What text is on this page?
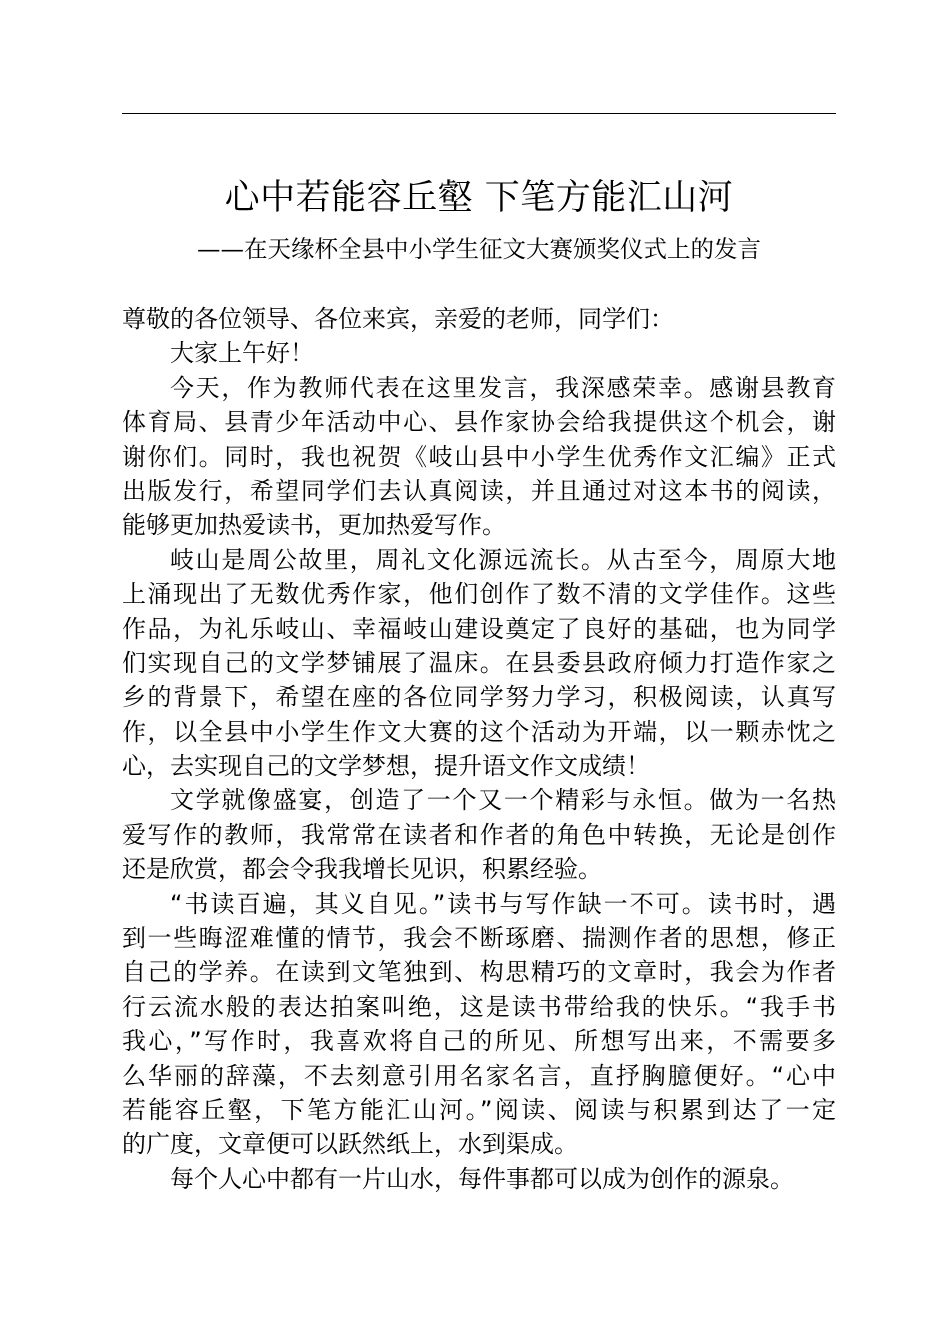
心中若能容丘壑 下笔方能汇山河
——在天缘杯全县中小学生征文大赛颁奖仪式上的发言
尊敬的各位领导、各位来宾，亲爱的老师，同学们：
大家上午好！
今天，作为教师代表在这里发言，我深感荣幸。感谢县教育
体育局、县青少年活动中心、县作家协会给我提供这个机会，谢
谢你们。同时，我也祝贺《岐山县中小学生优秀作文汇编》正式
出版发行，希望同学们去认真阅读，并且通过对这本书的阅读，
能够更加热爱读书，更加热爱写作。
岐山是周公故里，周礼文化源远流长。从古至今，周原大地
上涌现出了无数优秀作家，他们创作了数不清的文学佳作。这些
作品，为礼乐岐山、幸福岐山建设奠定了良好的基础，也为同学
们实现自己的文学梦铺展了温床。在县委县政府倾力打造作家之
乡的背景下，希望在座的各位同学努力学习，积极阅读，认真写
作，以全县中小学生作文大赛的这个活动为开端，以一颗赤忱之
心，去实现自己的文学梦想，提升语文作文成绩！
文学就像盛宴，创造了一个又一个精彩与永恒。做为一名热
爱写作的教师，我常常在读者和作者的角色中转换，无论是创作
还是欣赏，都会令我我增长见识，积累经验。
“书读百遍，其义自见。”读书与写作缺一不可。读书时，遇
到一些晦涩难懂的情节，我会不断琢磨、揣测作者的思想，修正
自己的学养。在读到文笔独到、构思精巧的文章时，我会为作者
行云流水般的表达拍案叫绝，这是读书带给我的快乐。“我手书
我心，”写作时，我喜欢将自己的所见、所想写出来，不需要多
么华丽的辞藻，不去刻意引用名家名言，直抒胸臆便好。“心中
若能容丘壑，下笔方能汇山河。”阅读、阅读与积累到达了一定
的广度，文章便可以跃然纸上，水到渠成。
每个人心中都有一片山水，每件事都可以成为创作的源泉。
